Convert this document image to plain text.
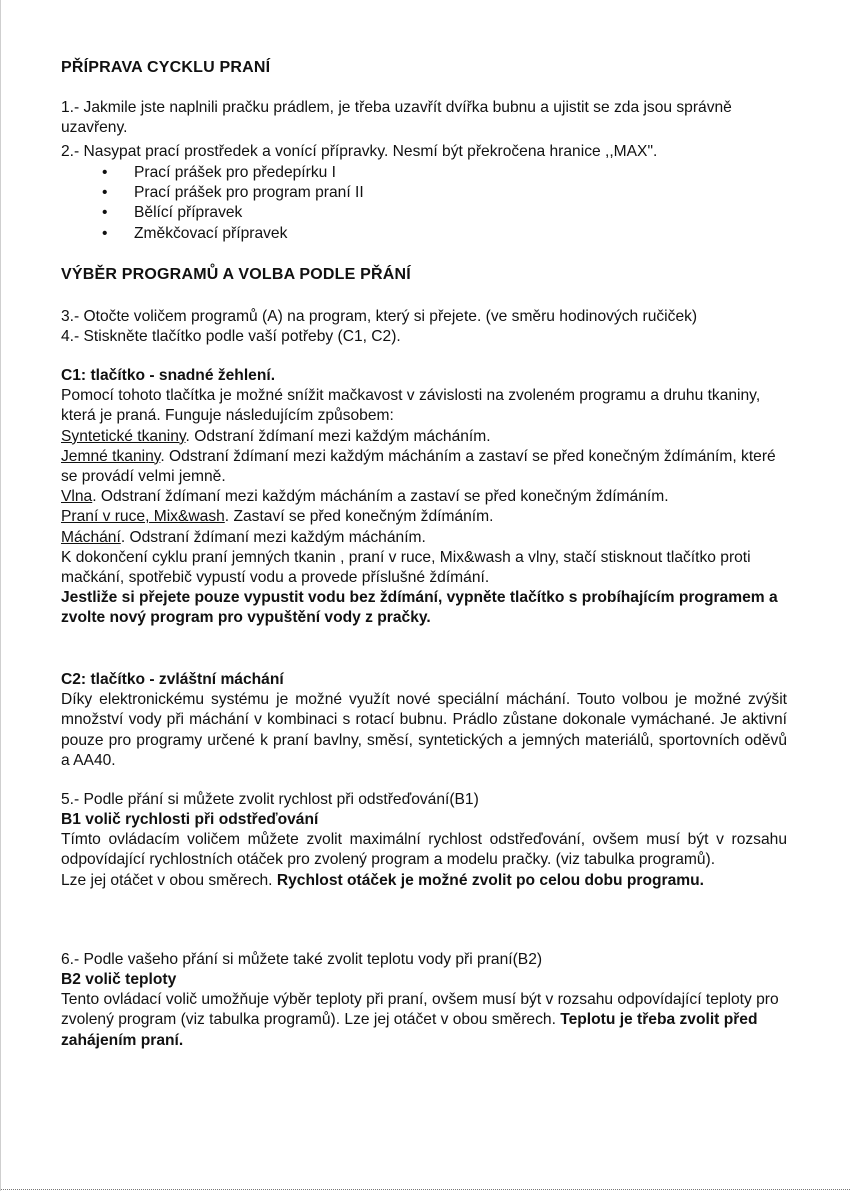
PŘÍPRAVA CYCKLU PRANÍ

1.- Jakmile jste naplnili pračku prádlem, je třeba uzavřít dvířka bubnu a ujistit se zda jsou správně uzavřeny.

2.- Nasypat prací prostředek a vonící přípravky. Nesmí být překročena hranice ,,MAX".

• Prací prášek pro předepírku I
• Prací prášek pro program praní II
• Bělící přípravek
• Změkčovací přípravek
VÝBĚR PROGRAMŮ A VOLBA PODLE PŘÁNÍ

3.- Otočte voličem programů (A) na program, který si přejete. (ve směru hodinových ručiček)

4.- Stiskněte tlačítko podle vaší potřeby (C1, C2).

C1: tlačítko - snadné žehlení.

Pomocí tohoto tlačítka je možné snížit mačkavost v závislosti na zvoleném programu a druhu tkaniny, která je praná. Funguje následujícím způsobem:

Syntetické tkaniny. Odstraní ždímaní mezi každým mácháním.

Jemné tkaniny. Odstraní ždímaní mezi každým mácháním a zastaví se před konečným ždímáním, které se provádí velmi jemně.

Vlna. Odstraní ždímaní mezi každým mácháním a zastaví se před konečným ždímáním.

Praní v ruce, Mix&wash. Zastaví se před konečným ždímáním.

Máchání. Odstraní ždímaní mezi každým mácháním.

K dokončení cyklu praní jemných tkanin , praní v ruce, Mix&wash a vlny, stačí stisknout tlačítko proti mačkání, spotřebič vypustí vodu a provede příslušné ždímání.

Jestliže si přejete pouze vypustit vodu bez ždímání, vypněte tlačítko s probíhajícím programem a zvolte nový program pro vypuštění vody z pračky.

C2: tlačítko - zvláštní máchání

Díky elektronickému systému je možné využít nové speciální máchání. Touto volbou je možné zvýšit množství vody při máchání v kombinaci s rotací bubnu. Prádlo zůstane dokonale vymáchané. Je aktivní pouze pro programy určené k praní bavlny, směsí, syntetických a jemných materiálů, sportovních oděvů a AA40.

5.- Podle přání si můžete zvolit rychlost při odstřeďování(B1)

B1 volič rychlosti při odstřeďování

Tímto ovládacím voličem můžete zvolit maximální rychlost odstřeďování, ovšem musí být v rozsahu odpovídající rychlostních otáček pro zvolený program a modelu pračky. (viz tabulka programů).

Lze jej otáčet v obou směrech. Rychlost otáček je možné zvolit po celou dobu programu.

6.- Podle vašeho přání si můžete také zvolit teplotu vody při praní(B2)

B2 volič teploty

Tento ovládací volič umožňuje výběr teploty při praní, ovšem musí být v rozsahu odpovídající teploty pro zvolený program (viz tabulka programů). Lze jej otáčet v obou směrech. Teplotu je třeba zvolit před zahájením praní.
